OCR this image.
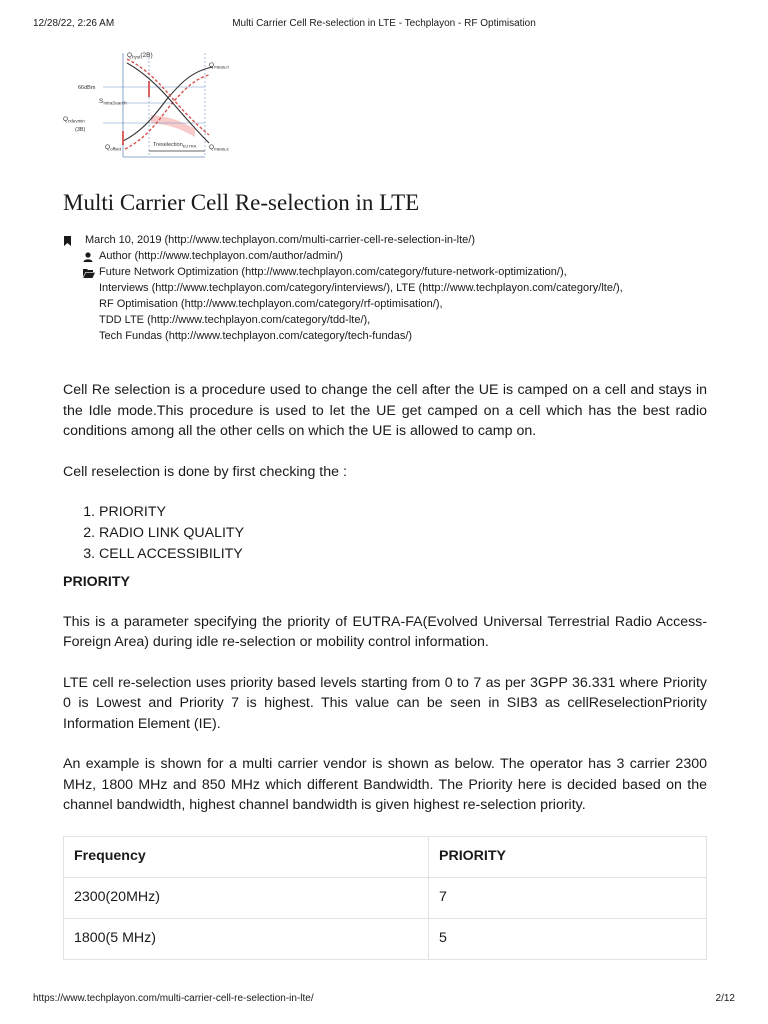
12/28/22, 2:26 AM	Multi Carrier Cell Re-selection in LTE - Techplayon - RF Optimisation
$Q_{hyst}(2B)$
$Q_{meas,n}$
66dBm
$S_{IntraSearch}$
$Q_{rxlevmin}$
(3B)
$Q_{offset}$
Treselection$_{EUTRA}$ $Q_{meas,s}$
Multi Carrier Cell Re-selection in LTE
March 10, 2019 (http://www.techplayon.com/multi-carrier-cell-re-selection-in-lte/)
Author (http://www.techplayon.com/author/admin/)
Future Network Optimization (http://www.techplayon.com/category/future-network-optimization/),
Interviews (http://www.techplayon.com/category/interviews/), LTE (http://www.techplayon.com/category/lte/),
RF Optimisation (http://www.techplayon.com/category/rf-optimisation/),
TDD LTE (http://www.techplayon.com/category/tdd-lte/),
Tech Fundas (http://www.techplayon.com/category/tech-fundas/)

Cell Re selection is a procedure used to change the cell after the UE is camped on a cell and stays in the Idle mode.This procedure is used to let the UE get camped on a cell which has the best radio conditions among all the other cells on which the UE is allowed to camp on.

Cell reselection is done by first checking the :

1. PRIORITY
2. RADIO LINK QUALITY
3. CELL ACCESSIBILITY
PRIORITY

This is a parameter specifying the priority of EUTRA-FA(Evolved Universal Terrestrial Radio Access-Foreign Area) during idle re-selection or mobility control information.

LTE cell re-selection uses priority based levels starting from 0 to 7 as per 3GPP 36.331 where Priority 0 is Lowest and Priority 7 is highest. This value can be seen in SIB3 as cellReselectionPriority Information Element (IE).

An example is shown for a multi carrier vendor is shown as below. The operator has 3 carrier 2300 MHz, 1800 MHz and 850 MHz which different Bandwidth. The Priority here is decided based on the channel bandwidth, highest channel bandwidth is given highest re-selection priority.

Frequency	PRIORITY
2300(20MHz)	7
1800(5 MHz)	5
https://www.techplayon.com/multi-carrier-cell-re-selection-in-lte/	2/12
